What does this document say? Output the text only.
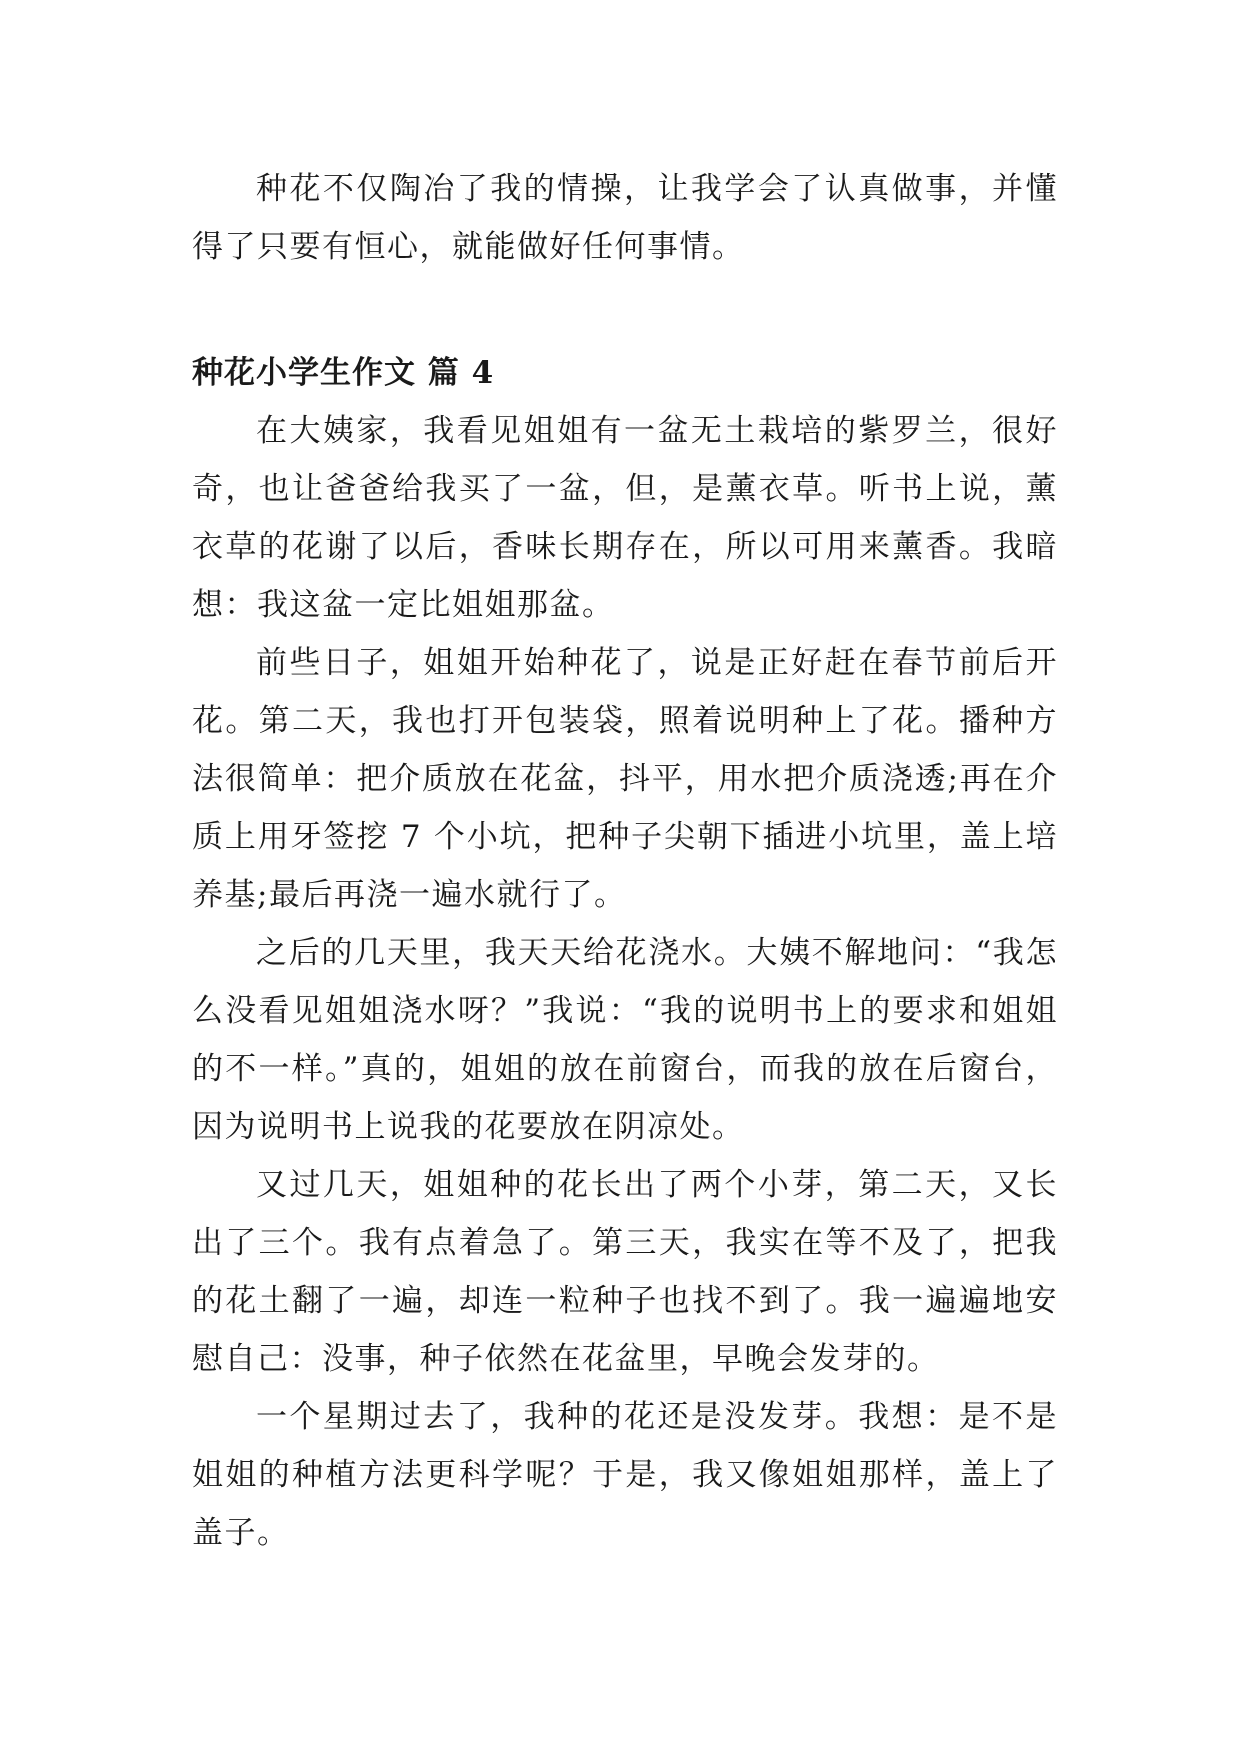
种花不仅陶冶了我的情操，让我学会了认真做事，并懂得了只要有恒心，就能做好任何事情。

种花小学生作文 篇 4

在大姨家，我看见姐姐有一盆无土栽培的紫罗兰，很好奇，也让爸爸给我买了一盆，但，是薰衣草。听书上说，薰衣草的花谢了以后，香味长期存在，所以可用来薰香。我暗想：我这盆一定比姐姐那盆。

前些日子，姐姐开始种花了，说是正好赶在春节前后开花。第二天，我也打开包装袋，照着说明种上了花。播种方法很简单：把介质放在花盆，抖平，用水把介质浇透;再在介质上用牙签挖 7 个小坑，把种子尖朝下插进小坑里，盖上培养基;最后再浇一遍水就行了。

之后的几天里，我天天给花浇水。大姨不解地问：“我怎么没看见姐姐浇水呀？”我说：“我的说明书上的要求和姐姐的不一样。”真的，姐姐的放在前窗台，而我的放在后窗台，因为说明书上说我的花要放在阴凉处。

又过几天，姐姐种的花长出了两个小芽，第二天，又长出了三个。我有点着急了。第三天，我实在等不及了，把我的花土翻了一遍，却连一粒种子也找不到了。我一遍遍地安慰自己：没事，种子依然在花盆里，早晚会发芽的。

一个星期过去了，我种的花还是没发芽。我想：是不是姐姐的种植方法更科学呢？于是，我又像姐姐那样，盖上了盖子。
